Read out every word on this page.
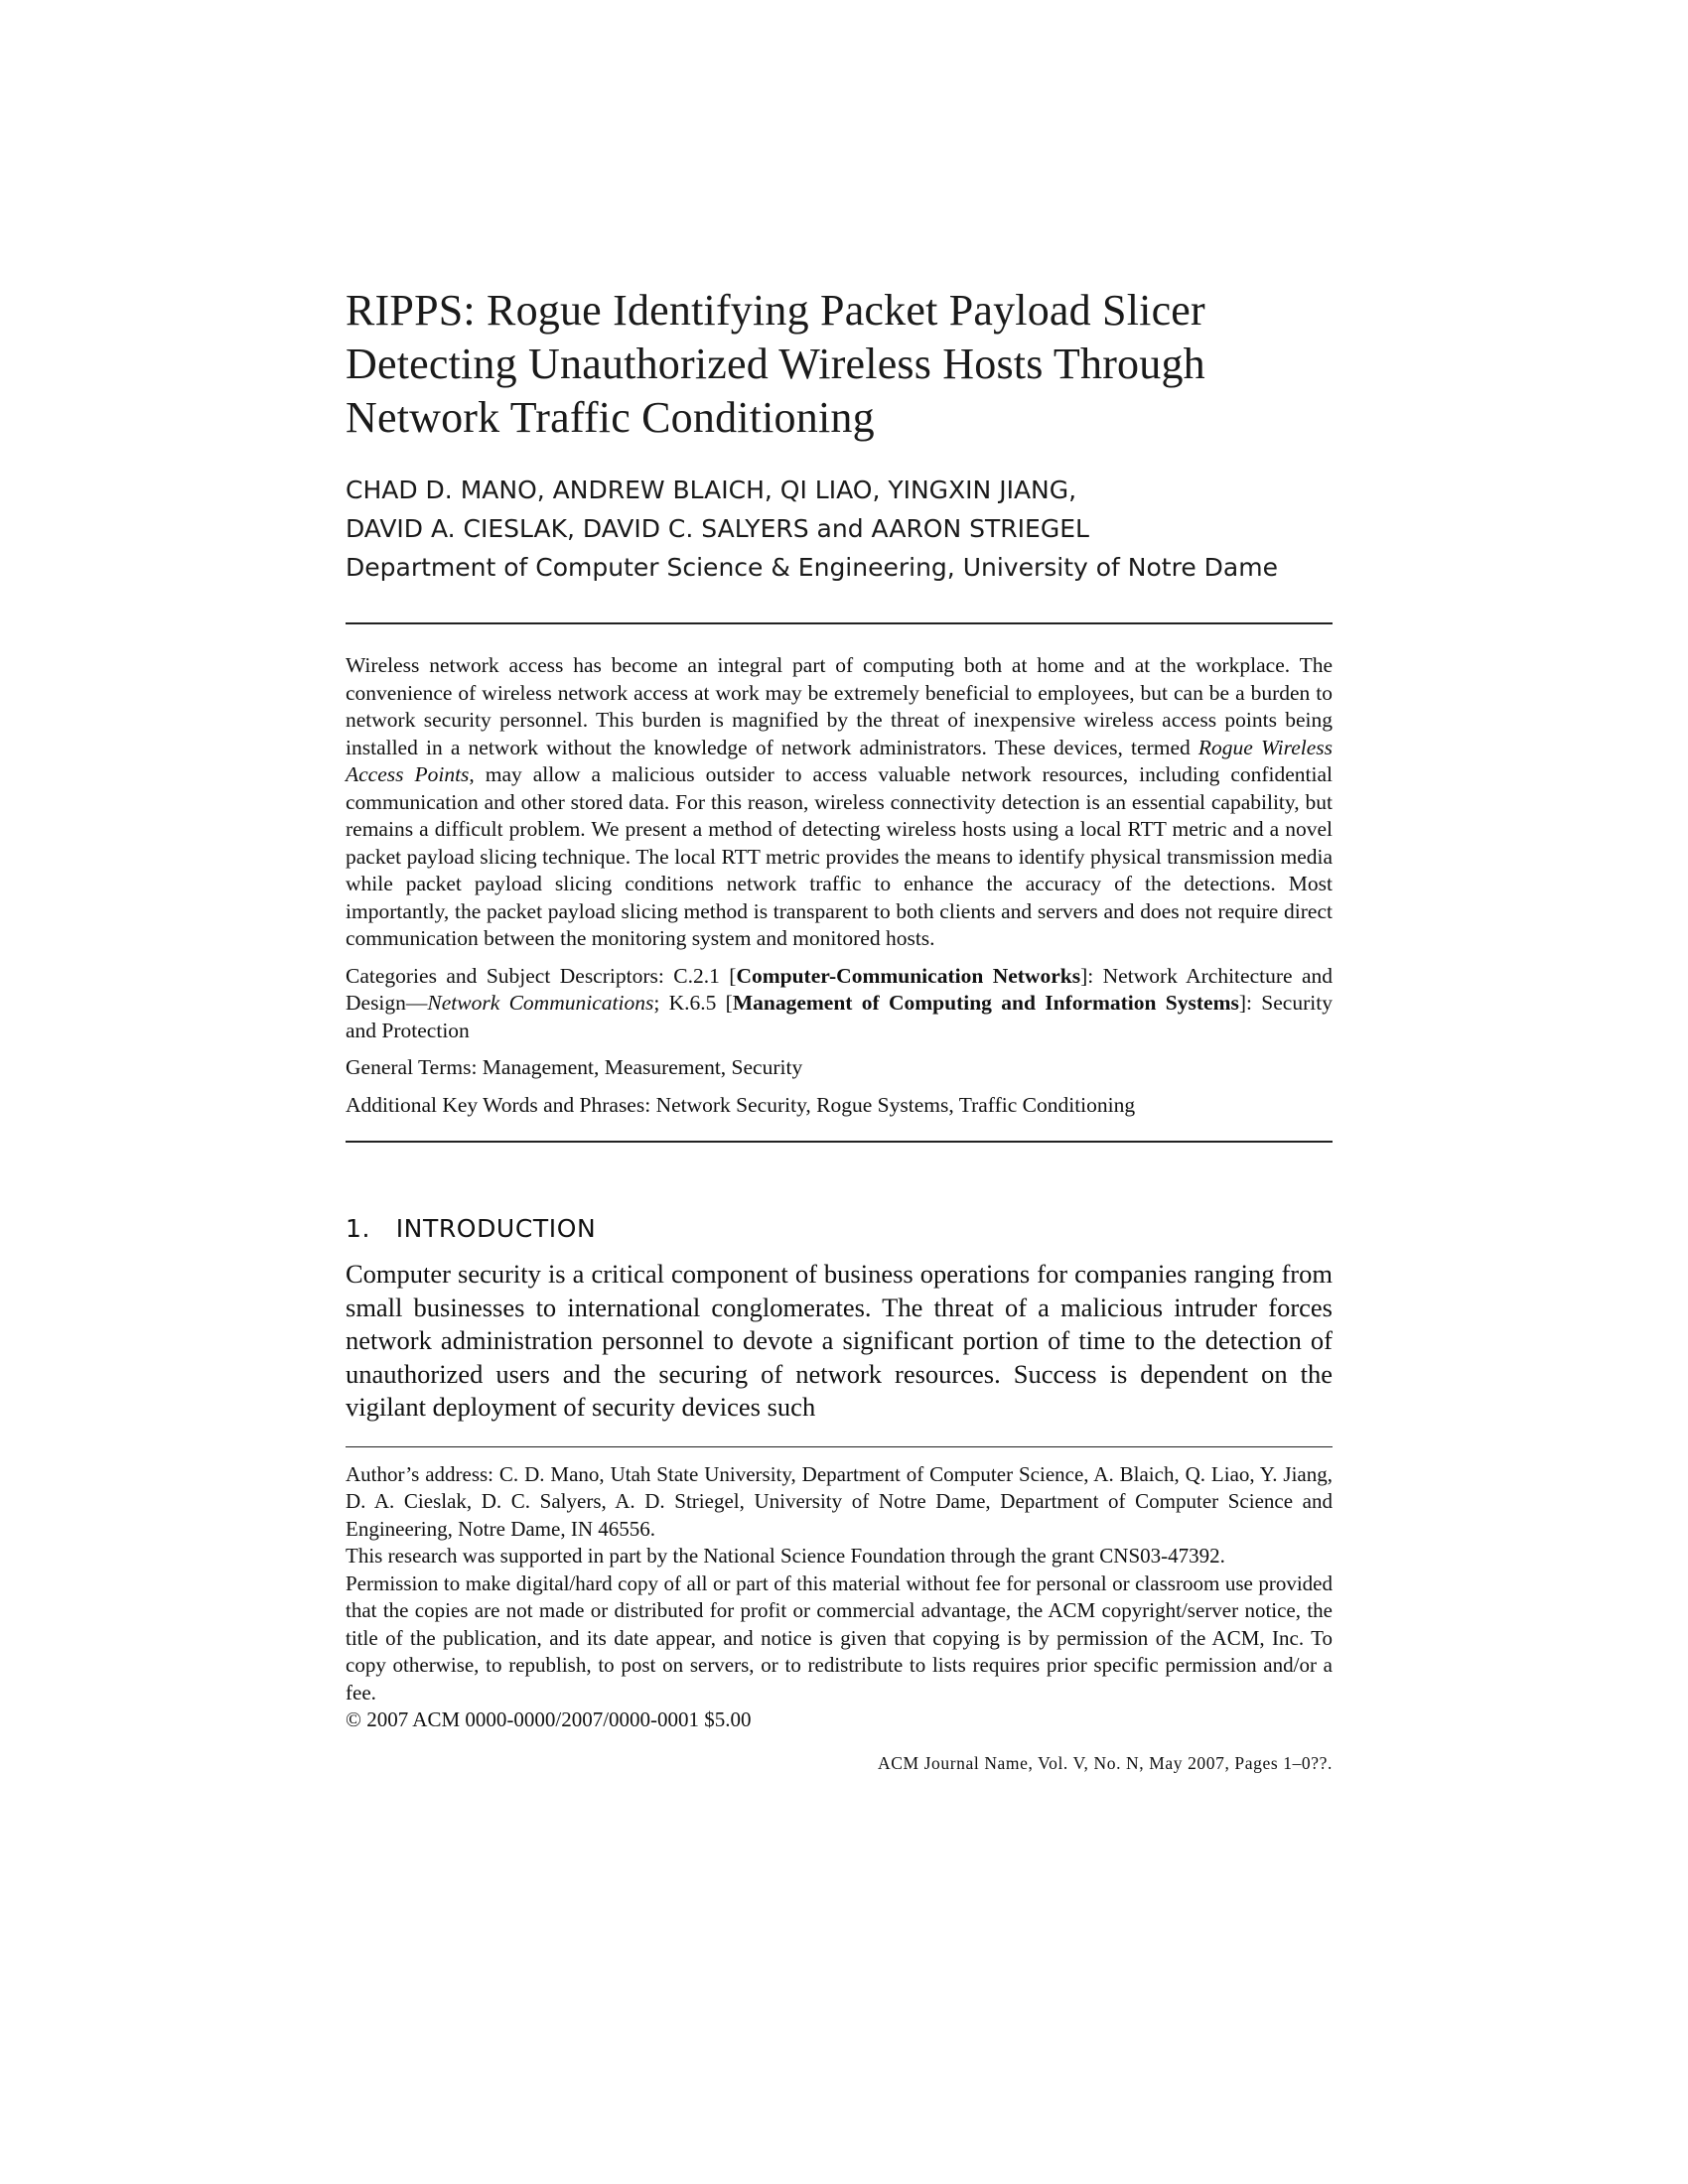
RIPPS: Rogue Identifying Packet Payload Slicer
Detecting Unauthorized Wireless Hosts Through
Network Traffic Conditioning
CHAD D. MANO, ANDREW BLAICH, QI LIAO, YINGXIN JIANG,
DAVID A. CIESLAK, DAVID C. SALYERS and AARON STRIEGEL
Department of Computer Science & Engineering, University of Notre Dame

Wireless network access has become an integral part of computing both at home and at the workplace. The convenience of wireless network access at work may be extremely beneficial to employees, but can be a burden to network security personnel. This burden is magnified by the threat of inexpensive wireless access points being installed in a network without the knowledge of network administrators. These devices, termed Rogue Wireless Access Points, may allow a malicious outsider to access valuable network resources, including confidential communication and other stored data. For this reason, wireless connectivity detection is an essential capability, but remains a difficult problem. We present a method of detecting wireless hosts using a local RTT metric and a novel packet payload slicing technique. The local RTT metric provides the means to identify physical transmission media while packet payload slicing conditions network traffic to enhance the accuracy of the detections. Most importantly, the packet payload slicing method is transparent to both clients and servers and does not require direct communication between the monitoring system and monitored hosts.

Categories and Subject Descriptors: C.2.1 [Computer-Communication Networks]: Network Architecture and Design—Network Communications; K.6.5 [Management of Computing and Information Systems]: Security and Protection

General Terms: Management, Measurement, Security

Additional Key Words and Phrases: Network Security, Rogue Systems, Traffic Conditioning

1.   INTRODUCTION

Computer security is a critical component of business operations for companies ranging from small businesses to international conglomerates. The threat of a malicious intruder forces network administration personnel to devote a significant portion of time to the detection of unauthorized users and the securing of network resources. Success is dependent on the vigilant deployment of security devices such

Author’s address: C. D. Mano, Utah State University, Department of Computer Science, A. Blaich, Q. Liao, Y. Jiang, D. A. Cieslak, D. C. Salyers, A. D. Striegel, University of Notre Dame, Department of Computer Science and Engineering, Notre Dame, IN 46556.

This research was supported in part by the National Science Foundation through the grant CNS03-47392.

Permission to make digital/hard copy of all or part of this material without fee for personal or classroom use provided that the copies are not made or distributed for profit or commercial advantage, the ACM copyright/server notice, the title of the publication, and its date appear, and notice is given that copying is by permission of the ACM, Inc. To copy otherwise, to republish, to post on servers, or to redistribute to lists requires prior specific permission and/or a fee.

© 2007 ACM 0000-0000/2007/0000-0001 $5.00

ACM Journal Name, Vol. V, No. N, May 2007, Pages 1–0??.
